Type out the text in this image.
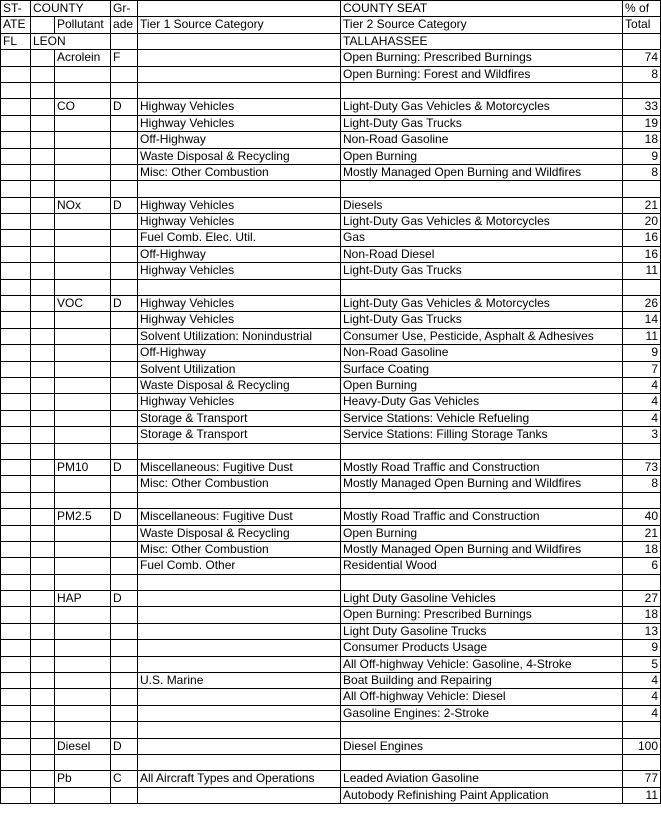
ST-	COUNTY		Gr-		COUNTY SEAT	% of
ATE		Pollutant	ade	Tier 1 Source Category	Tier 2 Source Category	Total
FL	LEON				TALLAHASSEE	
		Acrolein	F		Open Burning: Prescribed Burnings	74
					Open Burning: Forest and Wildfires	8

		CO	D	Highway Vehicles	Light-Duty Gas Vehicles & Motorcycles	33
				Highway Vehicles	Light-Duty Gas Trucks	19
				Off-Highway	Non-Road Gasoline	18
				Waste Disposal & Recycling	Open Burning	9
				Misc: Other Combustion	Mostly Managed Open Burning and Wildfires	8

		NOx	D	Highway Vehicles	Diesels	21
				Highway Vehicles	Light-Duty Gas Vehicles & Motorcycles	20
				Fuel Comb. Elec. Util.	Gas	16
				Off-Highway	Non-Road Diesel	16
				Highway Vehicles	Light-Duty Gas Trucks	11

		VOC	D	Highway Vehicles	Light-Duty Gas Vehicles & Motorcycles	26
				Highway Vehicles	Light-Duty Gas Trucks	14
				Solvent Utilization: Nonindustrial	Consumer Use, Pesticide, Asphalt & Adhesives	11
				Off-Highway	Non-Road Gasoline	9
				Solvent Utilization	Surface Coating	7
				Waste Disposal & Recycling	Open Burning	4
				Highway Vehicles	Heavy-Duty Gas Vehicles	4
				Storage & Transport	Service Stations: Vehicle Refueling	4
				Storage & Transport	Service Stations: Filling Storage Tanks	3

		PM10	D	Miscellaneous: Fugitive Dust	Mostly Road Traffic and Construction	73
				Misc: Other Combustion	Mostly Managed Open Burning and Wildfires	8

		PM2.5	D	Miscellaneous: Fugitive Dust	Mostly Road Traffic and Construction	40
				Waste Disposal & Recycling	Open Burning	21
				Misc: Other Combustion	Mostly Managed Open Burning and Wildfires	18
				Fuel Comb. Other	Residential Wood	6

		HAP	D		Light Duty Gasoline Vehicles	27
					Open Burning: Prescribed Burnings	18
					Light Duty Gasoline Trucks	13
					Consumer Products Usage	9
					All Off-highway Vehicle: Gasoline, 4-Stroke	5
				U.S. Marine	Boat Building and Repairing	4
					All Off-highway Vehicle: Diesel	4
					Gasoline Engines: 2-Stroke	4

		Diesel	D		Diesel Engines	100

		Pb	C	All Aircraft Types and Operations	Leaded Aviation Gasoline	77
					Autobody Refinishing Paint Application	11
